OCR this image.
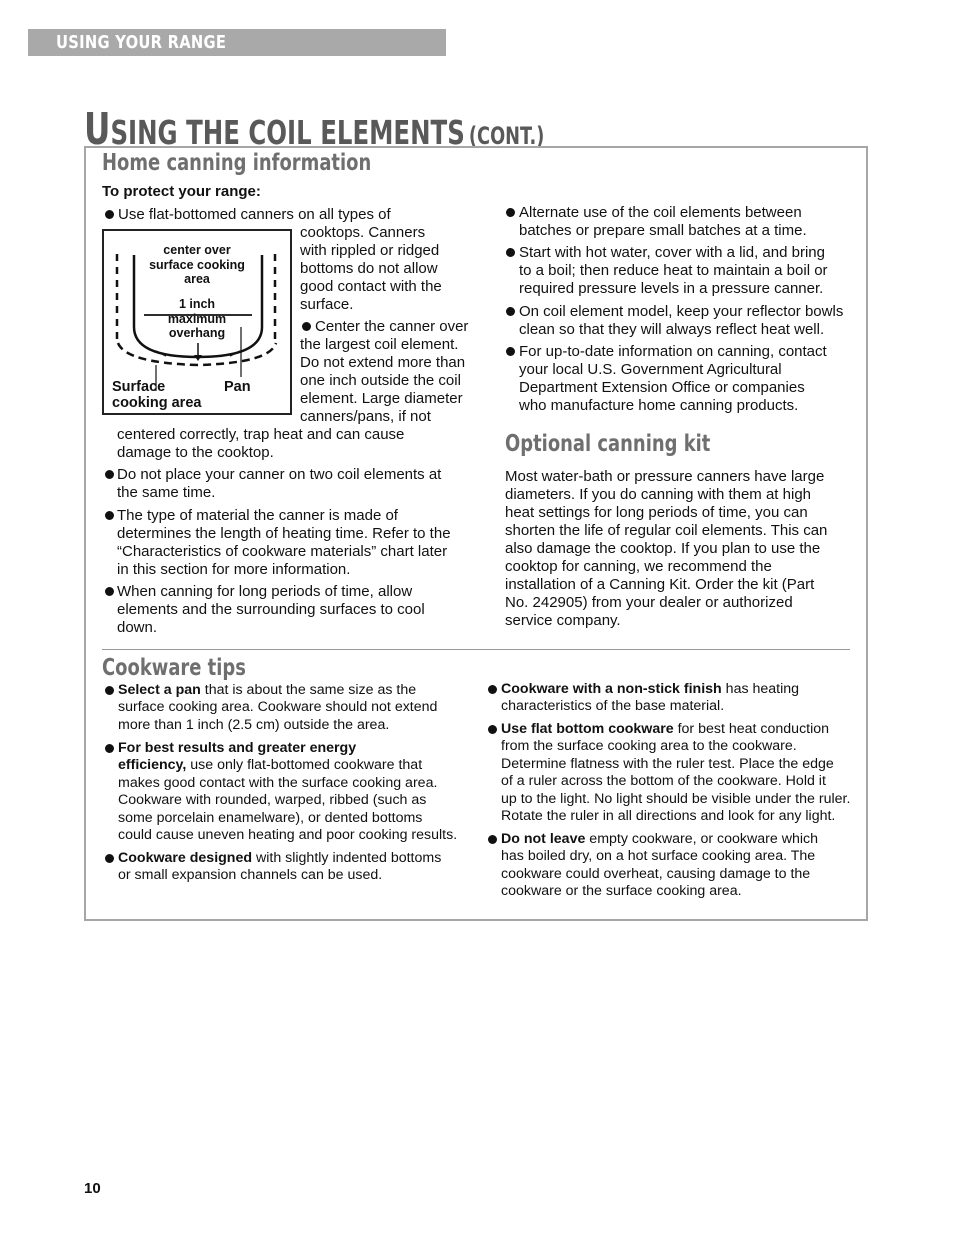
USING YOUR RANGE
USING THE COIL ELEMENTS (CONT.)
Home canning information
To protect your range:
Use flat-bottomed canners on all types of
center over
surface cooking
area
1 inch
maximum
overhang
Surface
cooking area
Pan
cooktops. Canners
with rippled or ridged
bottoms do not allow
good contact with the
surface.
Center the canner over
the largest coil element.
Do not extend more than
one inch outside the coil
element. Large diameter
canners/pans, if not
centered correctly, trap heat and can cause
damage to the cooktop.
Do not place your canner on two coil elements at
the same time.
The type of material the canner is made of
determines the length of heating time. Refer to the
“Characteristics of cookware materials” chart later
in this section for more information.
When canning for long periods of time, allow
elements and the surrounding surfaces to cool
down.
Alternate use of the coil elements between
batches or prepare small batches at a time.
Start with hot water, cover with a lid, and bring
to a boil; then reduce heat to maintain a boil or
required pressure levels in a pressure canner.
On coil element model, keep your reflector bowls
clean so that they will always reflect heat well.
For up-to-date information on canning, contact
your local U.S. Government Agricultural
Department Extension Office or companies
who manufacture home canning products.
Optional canning kit
Most water-bath or pressure canners have large
diameters. If you do canning with them at high
heat settings for long periods of time, you can
shorten the life of regular coil elements. This can
also damage the cooktop. If you plan to use the
cooktop for canning, we recommend the
installation of a Canning Kit. Order the kit (Part
No. 242905) from your dealer or authorized
service company.
Cookware tips
Select a pan that is about the same size as the
surface cooking area. Cookware should not extend
more than 1 inch (2.5 cm) outside the area.
For best results and greater energy
efficiency, use only flat-bottomed cookware that
makes good contact with the surface cooking area.
Cookware with rounded, warped, ribbed (such as
some porcelain enamelware), or dented bottoms
could cause uneven heating and poor cooking results.
Cookware designed with slightly indented bottoms
or small expansion channels can be used.
Cookware with a non-stick finish has heating
characteristics of the base material.
Use flat bottom cookware for best heat conduction
from the surface cooking area to the cookware.
Determine flatness with the ruler test. Place the edge
of a ruler across the bottom of the cookware. Hold it
up to the light. No light should be visible under the ruler.
Rotate the ruler in all directions and look for any light.
Do not leave empty cookware, or cookware which
has boiled dry, on a hot surface cooking area. The
cookware could overheat, causing damage to the
cookware or the surface cooking area.
10
